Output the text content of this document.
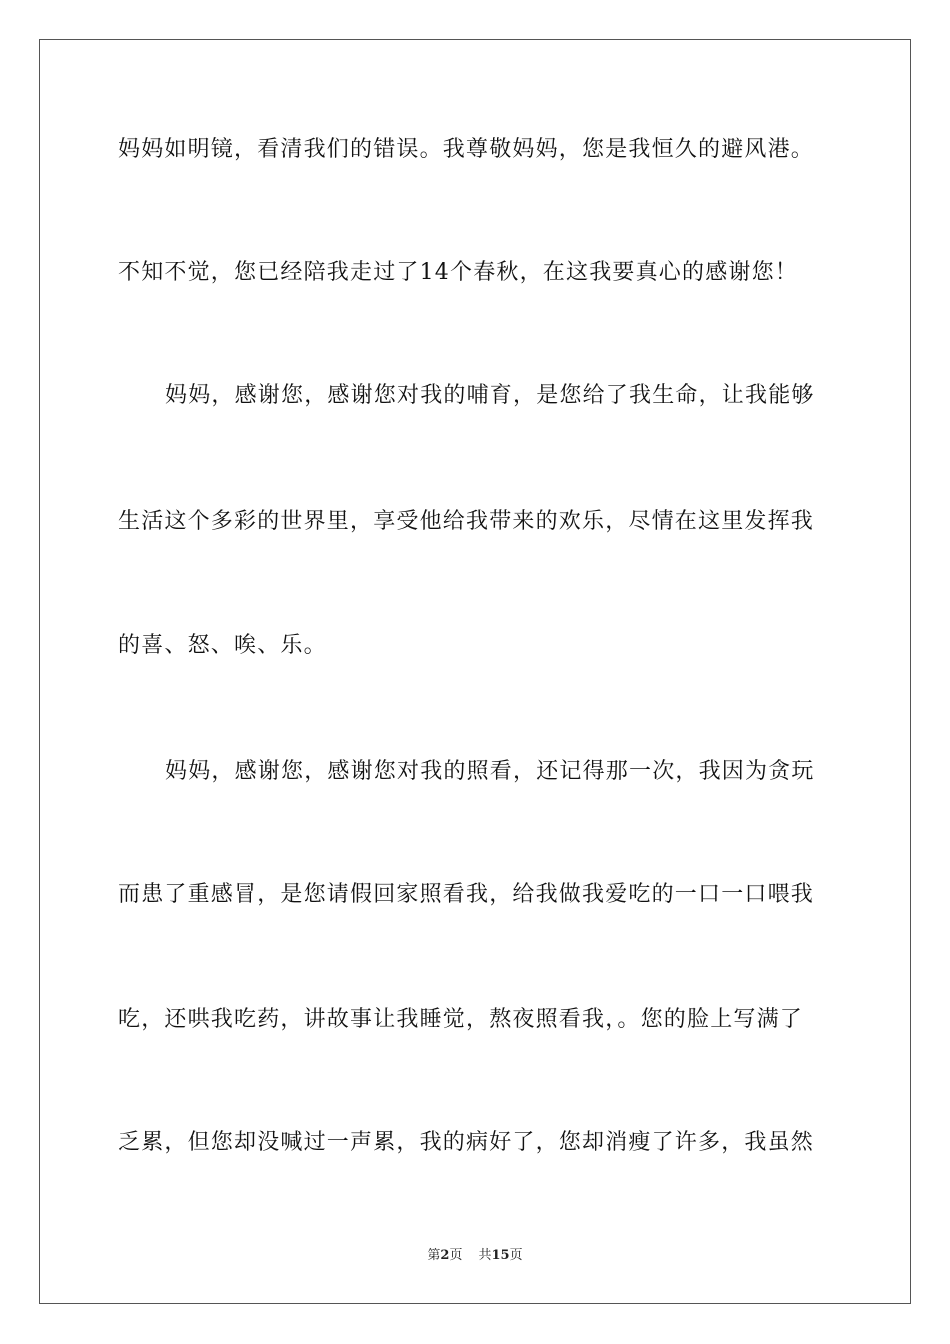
妈妈如明镜，看清我们的错误。我尊敬妈妈，您是我恒久的避风港。
不知不觉，您已经陪我走过了14个春秋，在这我要真心的感谢您！
妈妈，感谢您，感谢您对我的哺育，是您给了我生命，让我能够
生活这个多彩的世界里，享受他给我带来的欢乐，尽情在这里发挥我
的喜、怒、唉、乐。
妈妈，感谢您，感谢您对我的照看，还记得那一次，我因为贪玩
而患了重感冒，是您请假回家照看我，给我做我爱吃的一口一口喂我
吃，还哄我吃药，讲故事让我睡觉，熬夜照看我，。您的脸上写满了
乏累，但您却没喊过一声累，我的病好了，您却消瘦了许多，我虽然
第2页 共15页
